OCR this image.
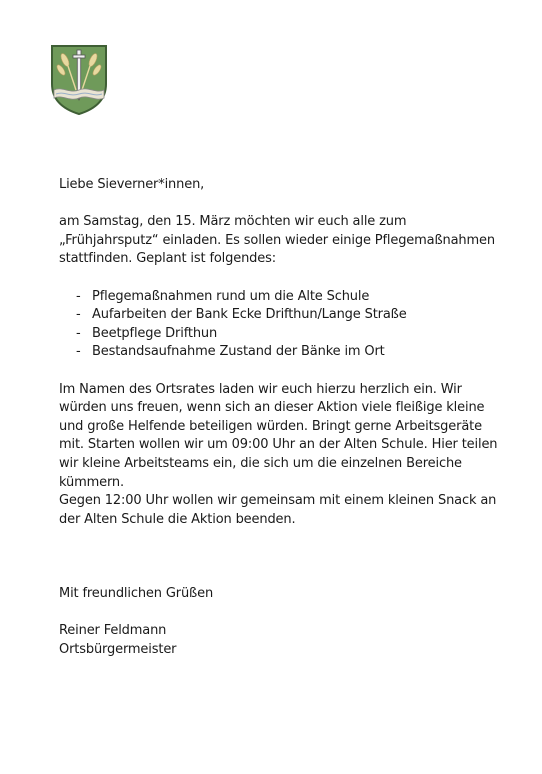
Liebe Sieverner*innen,

am Samstag, den 15. März möchten wir euch alle zum

„Frühjahrsputz“ einladen. Es sollen wieder einige Pflegemaßnahmen

stattfinden. Geplant ist folgendes:

- Pflegemaßnahmen rund um die Alte Schule
- Aufarbeiten der Bank Ecke Drifthun/Lange Straße
- Beetpflege Drifthun
- Bestandsaufnahme Zustand der Bänke im Ort

Im Namen des Ortsrates laden wir euch hierzu herzlich ein. Wir

würden uns freuen, wenn sich an dieser Aktion viele fleißige kleine

und große Helfende beteiligen würden. Bringt gerne Arbeitsgeräte

mit. Starten wollen wir um 09:00 Uhr an der Alten Schule. Hier teilen

wir kleine Arbeitsteams ein, die sich um die einzelnen Bereiche

kümmern.

Gegen 12:00 Uhr wollen wir gemeinsam mit einem kleinen Snack an

der Alten Schule die Aktion beenden.

Mit freundlichen Grüßen

Reiner Feldmann

Ortsbürgermeister
